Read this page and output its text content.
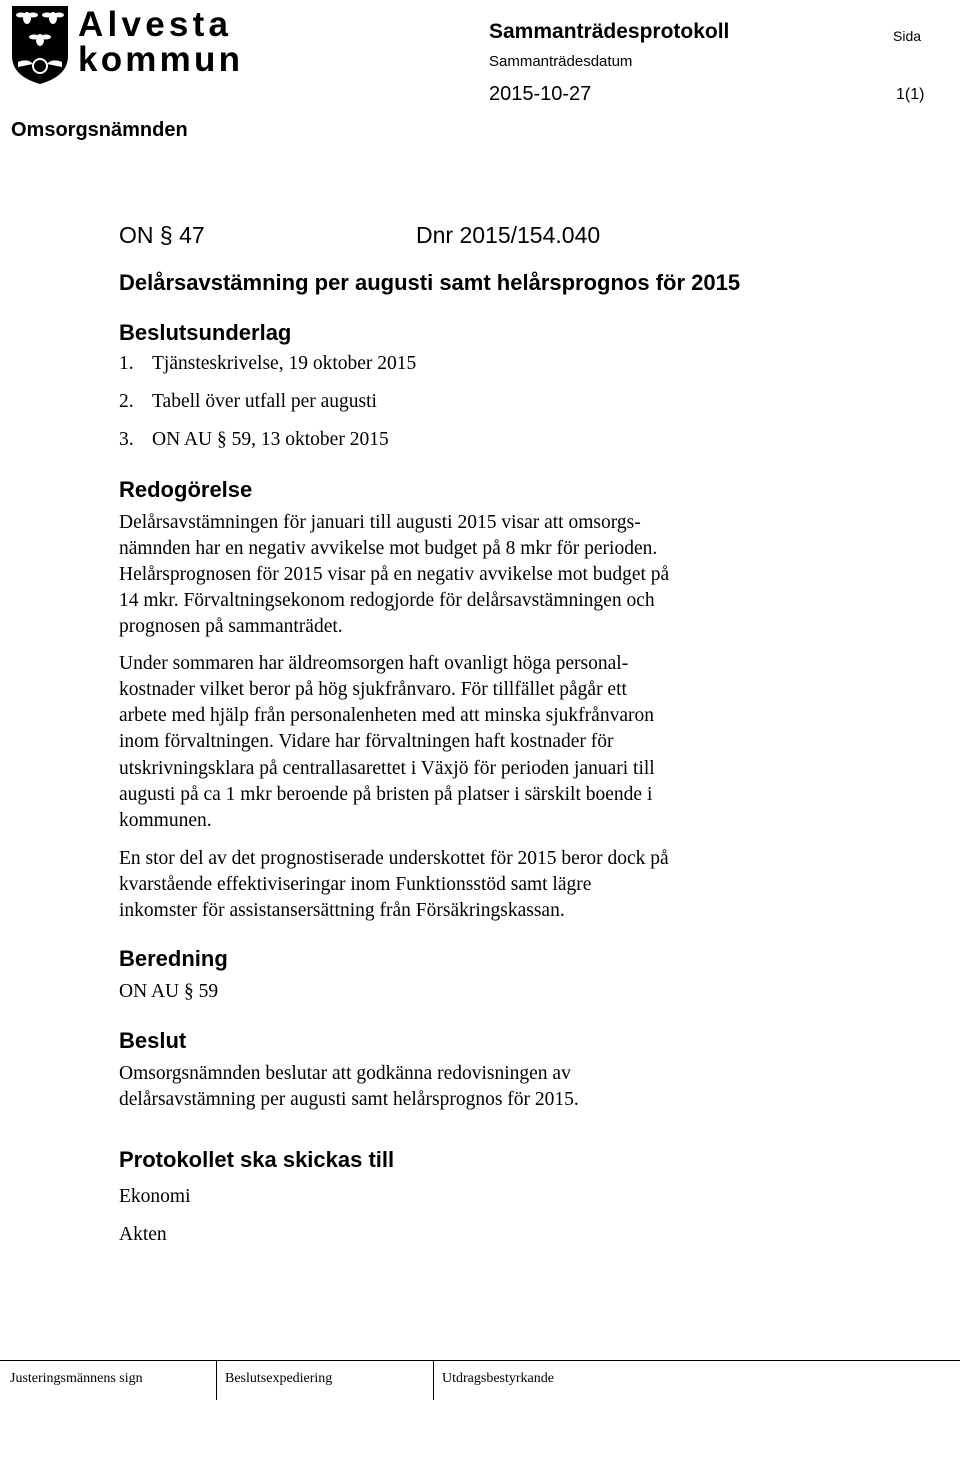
Alvesta
kommun
Sammanträdesprotokoll	Sida
Sammanträdesdatum
2015-10-27	1(1)
Omsorgsnämnden
ON § 47	Dnr 2015/154.040
Delårsavstämning per augusti samt helårsprognos för 2015
Beslutsunderlag
1. Tjänsteskrivelse, 19 oktober 2015
2. Tabell över utfall per augusti
3. ON AU § 59, 13 oktober 2015
Redogörelse
Delårsavstämningen för januari till augusti 2015 visar att omsorgs-
nämnden har en negativ avvikelse mot budget på 8 mkr för perioden.
Helårsprognosen för 2015 visar på en negativ avvikelse mot budget på
14 mkr. Förvaltningsekonom redogjorde för delårsavstämningen och
prognosen på sammanträdet.
Under sommaren har äldreomsorgen haft ovanligt höga personal-
kostnader vilket beror på hög sjukfrånvaro. För tillfället pågår ett
arbete med hjälp från personalenheten med att minska sjukfrånvaron
inom förvaltningen. Vidare har förvaltningen haft kostnader för
utskrivningsklara på centrallasarettet i Växjö för perioden januari till
augusti på ca 1 mkr beroende på bristen på platser i särskilt boende i
kommunen.
En stor del av det prognostiserade underskottet för 2015 beror dock på
kvarstående effektiviseringar inom Funktionsstöd samt lägre
inkomster för assistansersättning från Försäkringskassan.
Beredning
ON AU § 59
Beslut
Omsorgsnämnden beslutar att godkänna redovisningen av
delårsavstämning per augusti samt helårsprognos för 2015.
Protokollet ska skickas till
Ekonomi
Akten
Justeringsmännens sign	Beslutsexpediering	Utdragsbestyrkande
